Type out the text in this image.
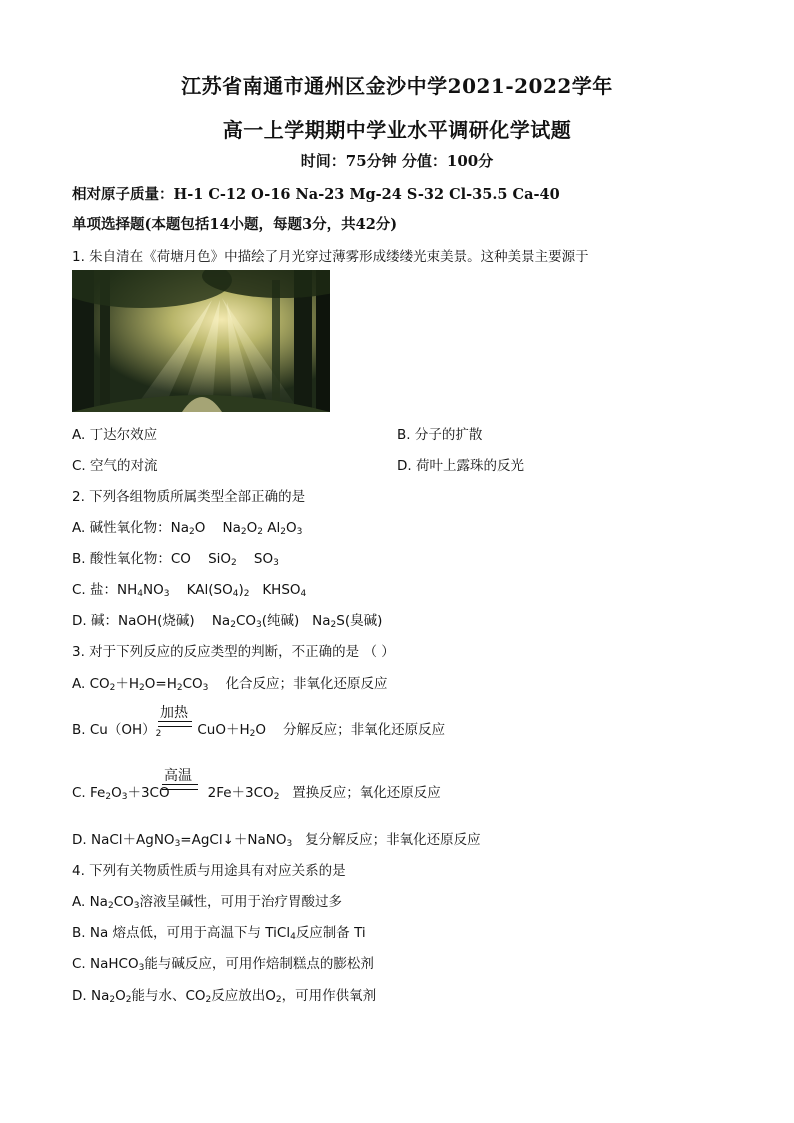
江苏省南通市通州区金沙中学2021-2022学年
高一上学期期中学业水平调研化学试题
时间：75分钟 分值：100分
相对原子质量：H-1 C-12 O-16 Na-23 Mg-24 S-32 Cl-35.5 Ca-40
单项选择题(本题包括14小题，每题3分，共42分)
1. 朱自清在《荷塘月色》中描绘了月光穿过薄雾形成缕缕光束美景。这种美景主要源于
A. 丁达尔效应	B. 分子的扩散
C. 空气的对流	D. 荷叶上露珠的反光
2. 下列各组物质所属类型全部正确的是
A. 碱性氧化物：$Na_2O$    $Na_2O_2$ $Al_2O_3$
B. 酸性氧化物：CO    SiO$_2$    $SO_3$
C. 盐：$NH_4NO_3$    $KAl(SO_4)_2$   $KHSO_4$
D. 碱：NaOH(烧碱)    $Na_2CO_3$(纯碱)   $Na_2S$(臭碱)
3. 对于下列反应的反应类型的判断，不正确的是 （ ）
A. $CO_2+H_2O=H_2CO_3$ 化合反应；非氧化还原反应
加热
B. $Cu(OH)_2$	$CuO+H_2O$    分解反应；非氧化还原反应
高温
C. $Fe_2O_3+3CO$	$2Fe+3CO_2$ 置换反应；氧化还原反应
D. NaCl＋AgNO$_3$=AgCl↓＋NaNO$_3$ 复分解反应；非氧化还原反应
4. 下列有关物质性质与用途具有对应关系的是
A. $Na_2CO_3$溶液呈碱性，可用于治疗胃酸过多
B. Na 熔点低，可用于高温下与 TiCl$_4$反应制备 Ti
C. NaHCO$_3$能与碱反应，可用作焙制糕点的膨松剂
D. $Na_2O_2$能与水、$CO_2$反应放出$O_2$，可用作供氧剂
